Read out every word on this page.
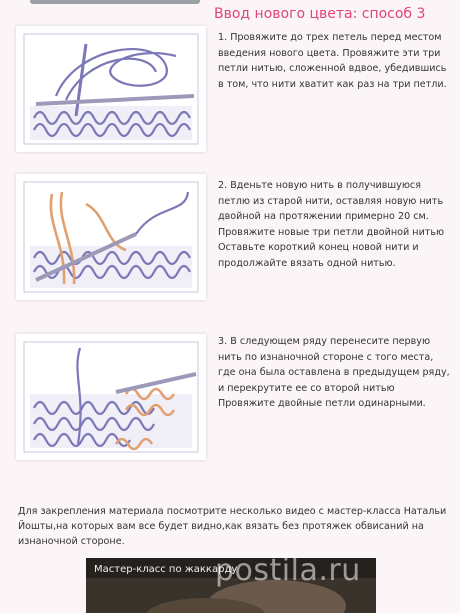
Ввод нового цвета: способ 3
1. Провяжите до трех петель перед местом введения нового цвета. Провяжите эти три петли нитью, сложенной вдвое, убедившись в том, что нити хватит как раз на три петли.
2. Вденьте новую нить в получившуюся петлю из старой нити, оставляя новую нить двойной на протяжении примерно 20 см. Провяжите новые три петли двойной нитью Оставьте короткий конец новой нити и продолжайте вязать одной нитью.
3. В следующем ряду перенесите первую нить по изнаночной стороне с того места, где она была оставлена в предыдущем ряду, и перекрутите ее со второй нитью Провяжите двойные петли одинарными.
Для закрепления материала посмотрите несколько видео с мастер-класса Натальи Йошты,на которых вам все будет видно,как вязать без протяжек обвисаний на изнаночной стороне.
Мастер-класс по жаккарду
postila.ru
